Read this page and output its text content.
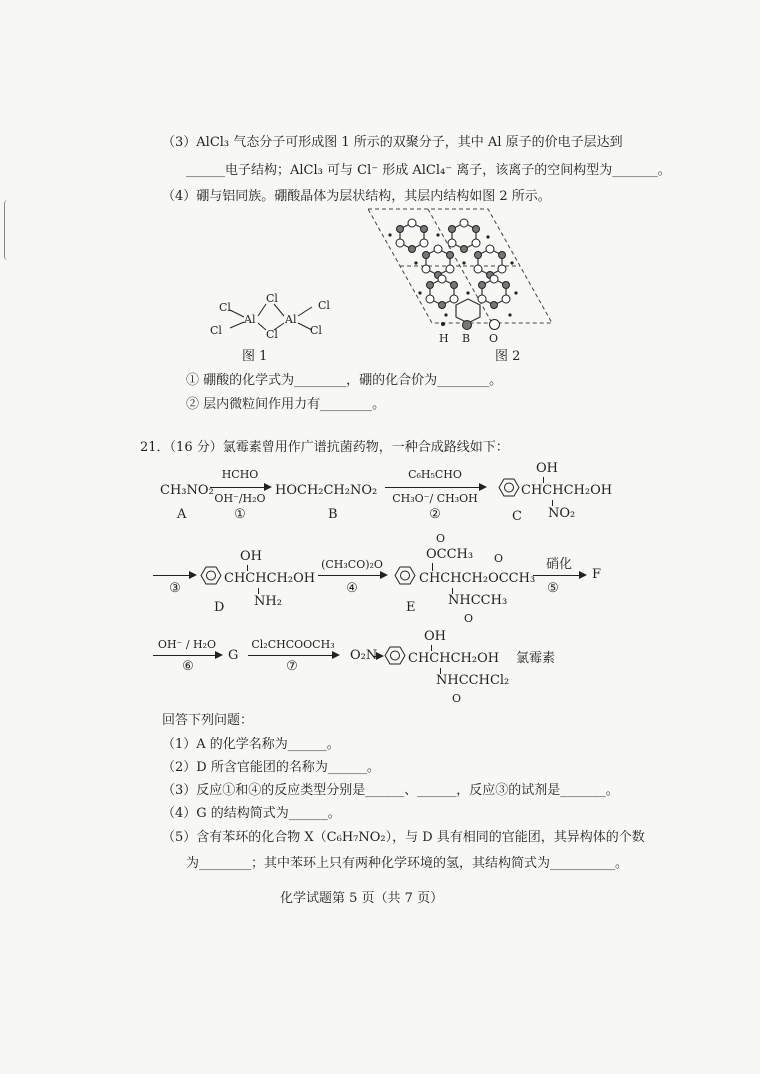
（3）AlCl₃ 气态分子可形成图 1 所示的双聚分子，其中 Al 原子的价电子层达到
______电子结构；AlCl₃ 可与 Cl⁻ 形成 AlCl₄⁻ 离子，该离子的空间构型为_______。
（4）硼与铝同族。硼酸晶体为层状结构，其层内结构如图 2 所示。
Cl
Cl
Al
Cl
Cl
Al
Cl
Cl
图 1
H B O
图 2
① 硼酸的化学式为________，硼的化合价为________。
② 层内微粒间作用力有________。
21．（16 分）氯霉素曾用作广谱抗菌药物，一种合成路线如下：
CH₃NO₂
A
HCHO
OH⁻/H₂O
①
HOCH₂CH₂NO₂
B
C₆H₅CHO
CH₃O⁻/ CH₃OH
②
OH
CHCHCH₂OH
NO₂
C
③
OH
CHCHCH₂OH
NH₂
D
(CH₃CO)₂O
④
O
OCCH₃ O
CHCHCH₂OCCH₃
NHCCH₃
O
E
硝化
⑤
F
OH⁻ / H₂O
⑥
G
Cl₂CHCOOCH₃
⑦
O₂N
OH
CHCHCH₂OH
NHCCHCl₂
O
氯霉素
回答下列问题：
（1）A 的化学名称为______。
（2）D 所含官能团的名称为______。
（3）反应①和④的反应类型分别是______、______，反应③的试剂是_______。
（4）G 的结构简式为______。
（5）含有苯环的化合物 X（C₆H₇NO₂），与 D 具有相同的官能团，其异构体的个数
为________；其中苯环上只有两种化学环境的氢，其结构简式为__________。
化学试题第 5 页（共 7 页）
